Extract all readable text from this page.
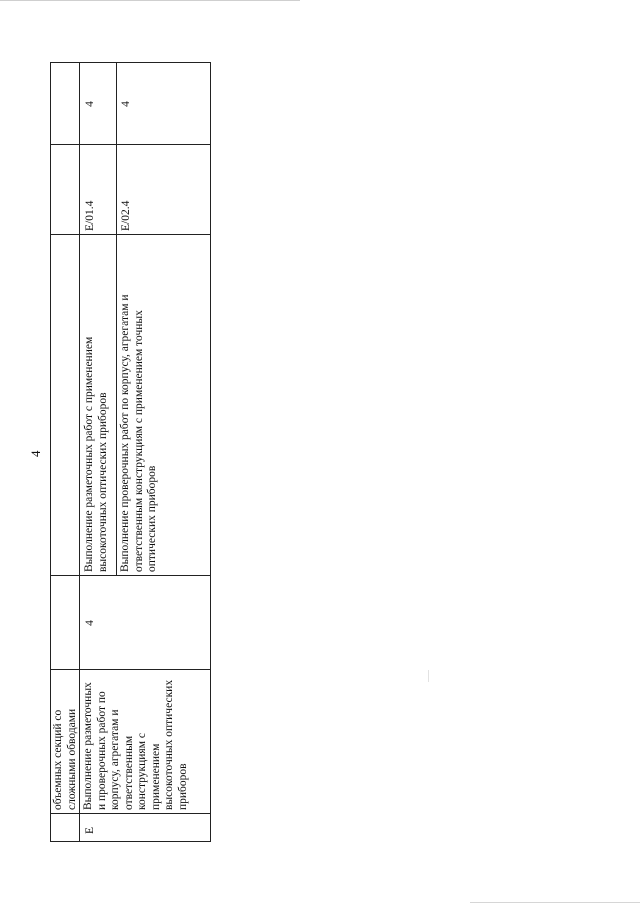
4
объемных секций со сложными обводами
Е
Выполнение разметочных и проверочных работ по корпусу, агрегатам и ответственным конструкциям с применением высокоточных оптических приборов
4
Выполнение разметочных работ с применением высокоточных оптических приборов
E/01.4
4
Выполнение проверочных работ по корпусу, агрегатам и ответственным конструкциям с применением точных оптических приборов
E/02.4
4
